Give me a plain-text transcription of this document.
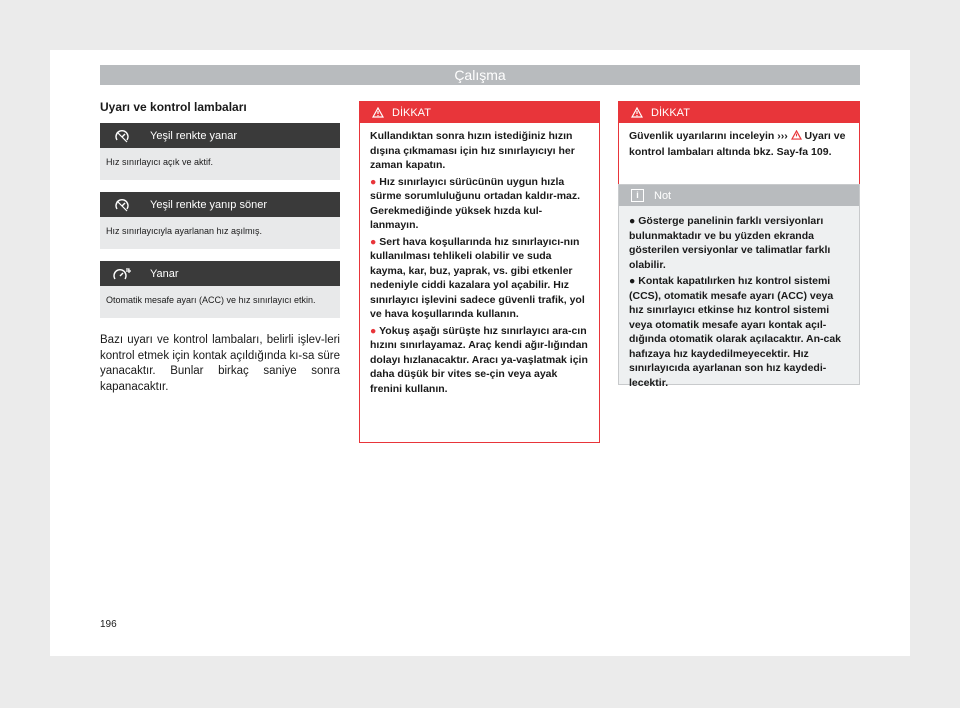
Çalışma
Uyarı ve kontrol lambaları
Yeşil renkte yanar
Hız sınırlayıcı açık ve aktif.
Yeşil renkte yanıp söner
Hız sınırlayıcıyla ayarlanan hız aşılmış.
Yanar
Otomatik mesafe ayarı (ACC) ve hız sınırlayıcı etkin.
Bazı uyarı ve kontrol lambaları, belirli işlev-leri kontrol etmek için kontak açıldığında kı-sa süre yanacaktır. Bunlar birkaç saniye sonra kapanacaktır.
DİKKAT

Kullandıktan sonra hızın istediğiniz hızın dışına çıkmaması için hız sınırlayıcıyı her zaman kapatın.

● Hız sınırlayıcı sürücünün uygun hızla sürme sorumluluğunu ortadan kaldır-maz. Gerekmediğinde yüksek hızda kul-lanmayın.

● Sert hava koşullarında hız sınırlayıcı-nın kullanılması tehlikeli olabilir ve suda kayma, kar, buz, yaprak, vs. gibi etkenler nedeniyle ciddi kazalara yol açabilir. Hız sınırlayıcı işlevini sadece güvenli trafik, yol ve hava koşullarında kullanın.

● Yokuş aşağı sürüşte hız sınırlayıcı ara-cın hızını sınırlayamaz. Araç kendi ağır-lığından dolayı hızlanacaktır. Aracı ya-vaşlatmak için daha düşük bir vites se-çin veya ayak frenini kullanın.

DİKKAT

Güvenlik uyarılarını inceleyin ›››  Uyarı ve kontrol lambaları altında bkz. Say-fa 109.

i	Not

● Gösterge panelinin farklı versiyonları bulunmaktadır ve bu yüzden ekranda gösterilen versiyonlar ve talimatlar farklı olabilir.

● Kontak kapatılırken hız kontrol sistemi (CCS), otomatik mesafe ayarı (ACC) veya hız sınırlayıcı etkinse hız kontrol sistemi veya otomatik mesafe ayarı kontak açıl-dığında otomatik olarak açılacaktır. An-cak hafızaya hız kaydedilmeyecektir. Hız sınırlayıcıda ayarlanan son hız kaydedi-lecektir.

196
